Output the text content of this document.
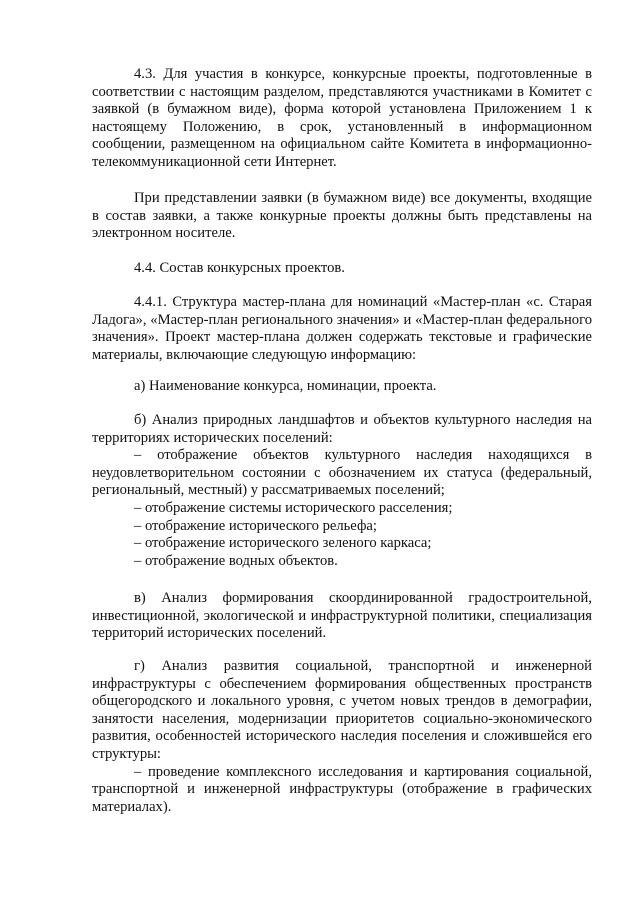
4.3. Для участия в конкурсе, конкурсные проекты, подготовленные в соответствии с настоящим разделом, представляются участниками в Комитет с заявкой (в бумажном виде), форма которой установлена Приложением 1 к настоящему Положению, в срок, установленный в информационном сообщении, размещенном на официальном сайте Комитета в информационно-телекоммуникационной сети Интернет.

При представлении заявки (в бумажном виде) все документы, входящие в состав заявки, а также конкурные проекты должны быть представлены на электронном носителе.

4.4. Состав конкурсных проектов.

4.4.1. Структура мастер-плана для номинаций «Мастер-план «с. Старая Ладога», «Мастер-план регионального значения» и «Мастер-план федерального значения». Проект мастер-плана должен содержать текстовые и графические материалы, включающие следующую информацию:

а) Наименование конкурса, номинации, проекта.

б) Анализ природных ландшафтов и объектов культурного наследия на территориях исторических поселений:

– отображение объектов культурного наследия находящихся в неудовлетворительном состоянии с обозначением их статуса (федеральный, региональный, местный) у рассматриваемых поселений;

– отображение системы исторического расселения;

– отображение исторического рельефа;

– отображение исторического зеленого каркаса;

– отображение водных объектов.

в) Анализ формирования скоординированной градостроительной, инвестиционной, экологической и инфраструктурной политики, специализация территорий исторических поселений.

г) Анализ развития социальной, транспортной и инженерной инфраструктуры с обеспечением формирования общественных пространств общегородского и локального уровня, с учетом новых трендов в демографии, занятости населения, модернизации приоритетов социально-экономического развития, особенностей исторического наследия поселения и сложившейся его структуры:

– проведение комплексного исследования и картирования социальной, транспортной и инженерной инфраструктуры (отображение в графических материалах).
